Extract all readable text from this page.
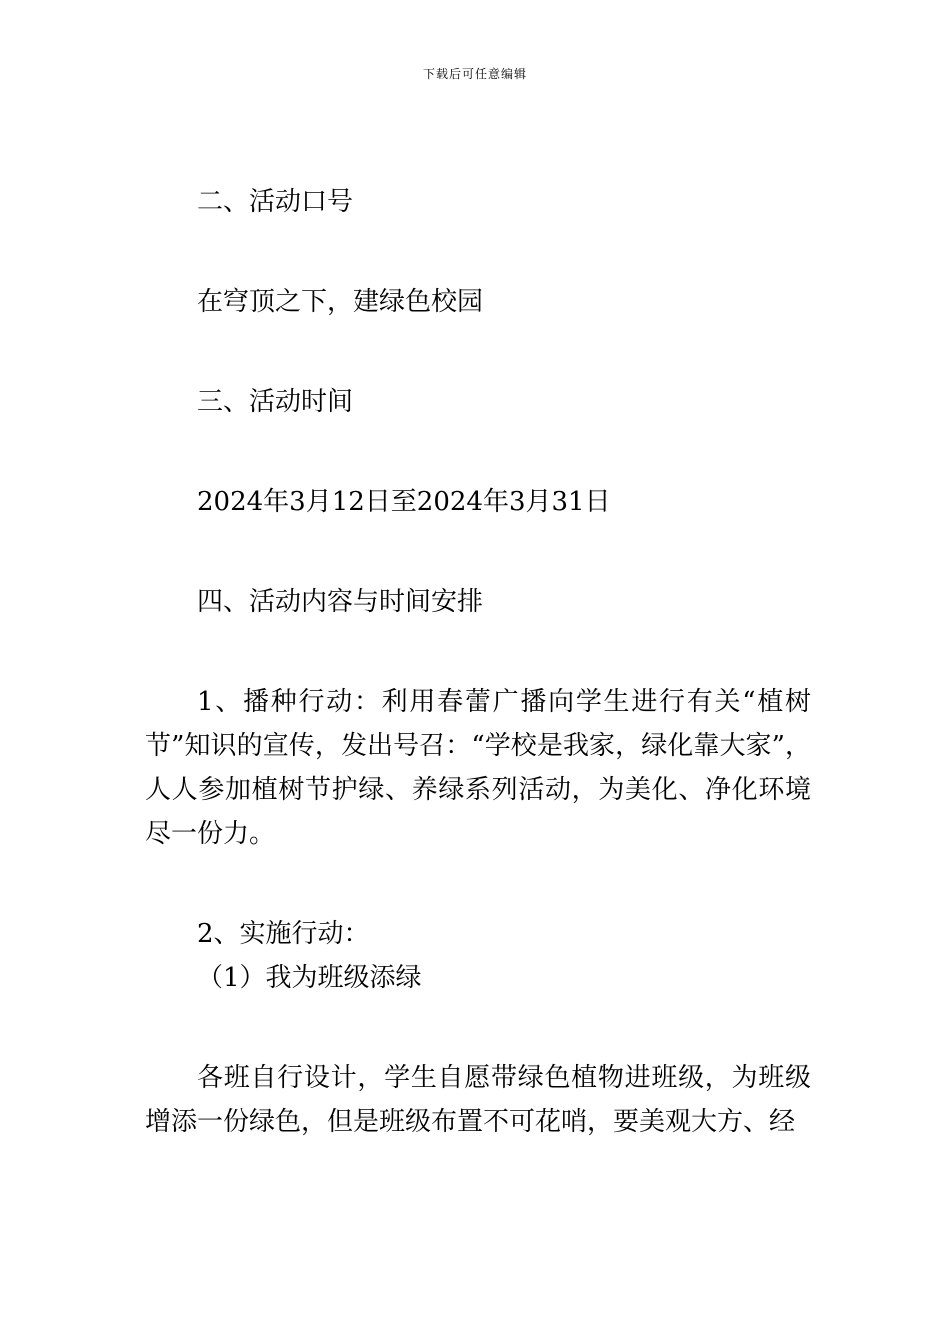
下载后可任意编辑

二、活动口号

在穹顶之下，建绿色校园

三、活动时间

2024年3月12日至2024年3月31日

四、活动内容与时间安排

1、播种行动：利用春蕾广播向学生进行有关“植树节”知识的宣传，发出号召：“学校是我家，绿化靠大家”，人人参加植树节护绿、养绿系列活动，为美化、净化环境尽一份力。

2、实施行动：

（1）我为班级添绿

各班自行设计，学生自愿带绿色植物进班级，为班级增添一份绿色，但是班级布置不可花哨，要美观大方、经
